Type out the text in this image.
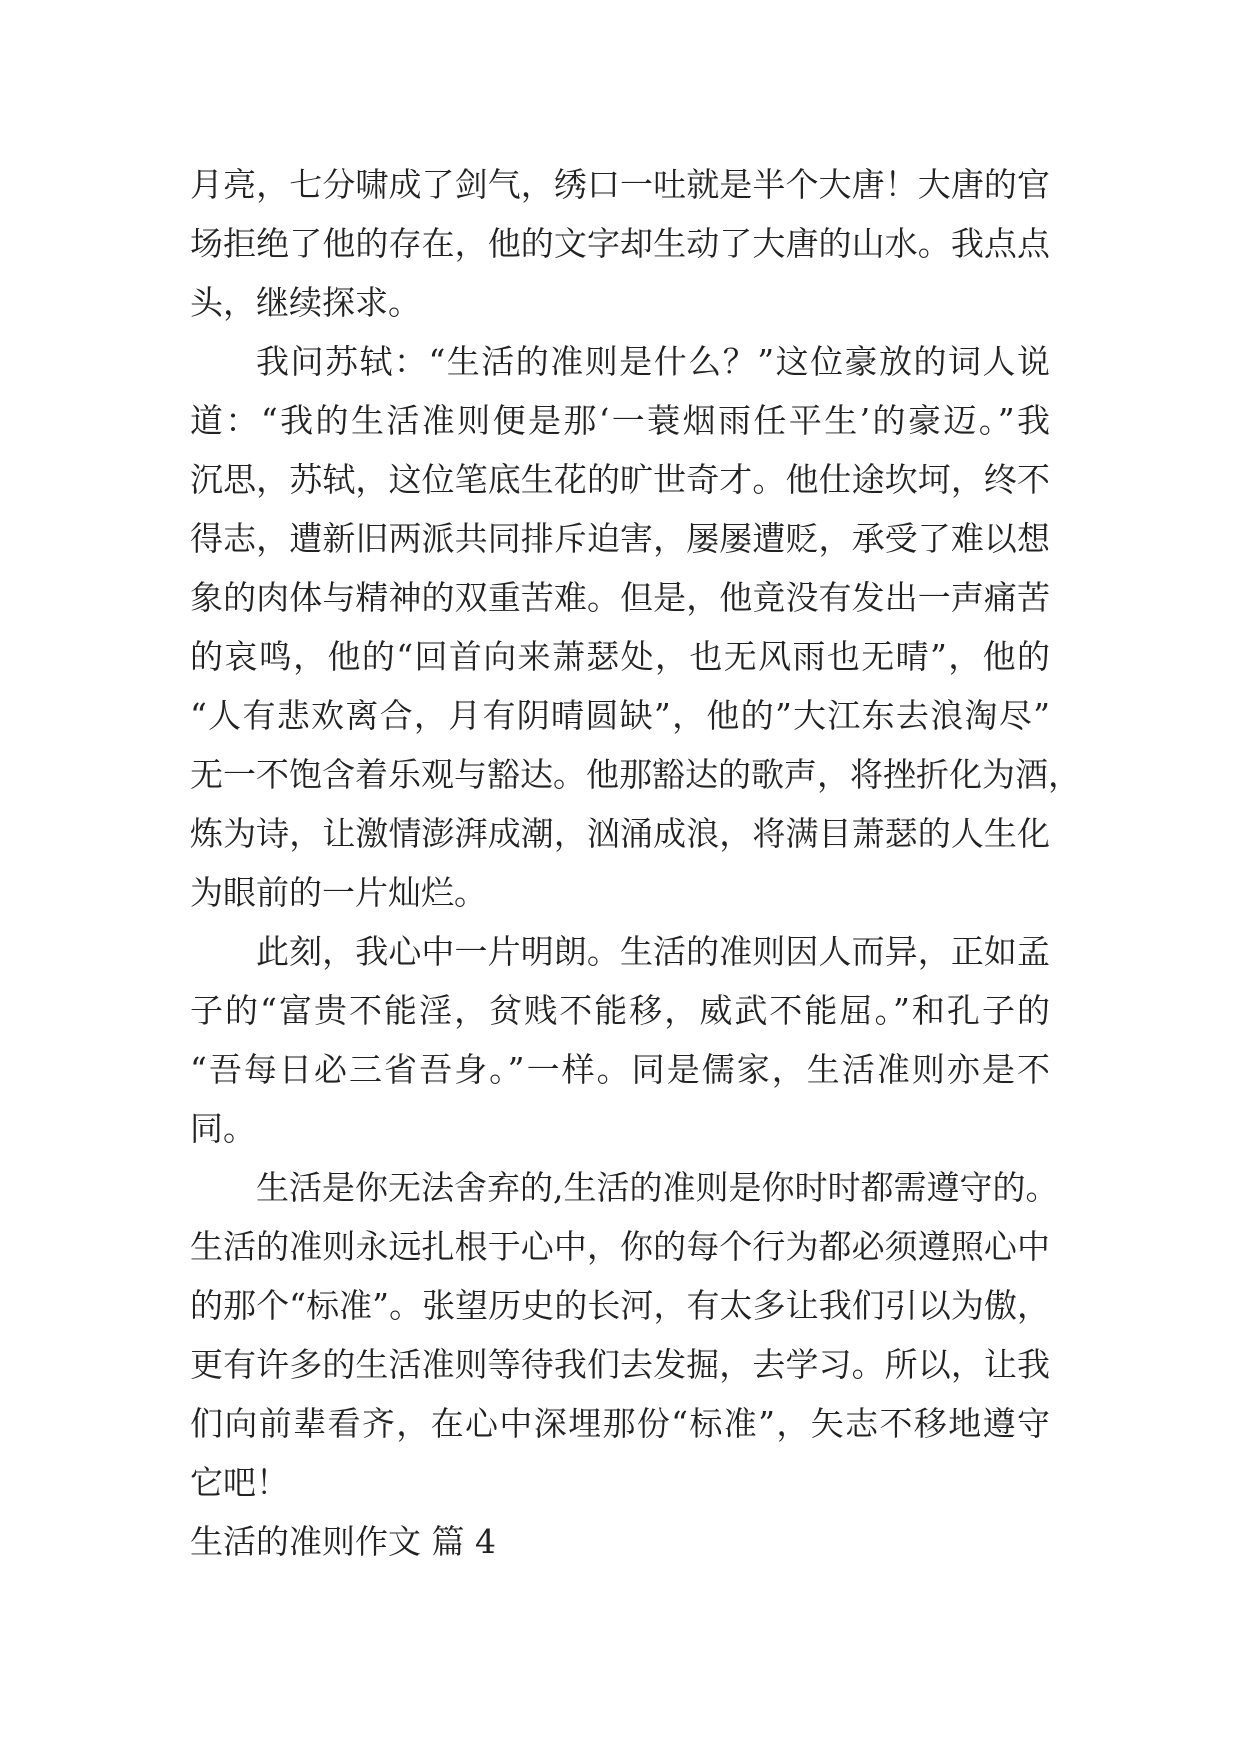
月亮，七分啸成了剑气，绣口一吐就是半个大唐！大唐的官
场拒绝了他的存在，他的文字却生动了大唐的山水。我点点
头，继续探求。
我问苏轼：“生活的准则是什么？”这位豪放的词人说
道：“我的生活准则便是那‘一蓑烟雨任平生’的豪迈。”我
沉思，苏轼，这位笔底生花的旷世奇才。他仕途坎坷，终不
得志，遭新旧两派共同排斥迫害，屡屡遭贬，承受了难以想
象的肉体与精神的双重苦难。但是，他竟没有发出一声痛苦
的哀鸣，他的“回首向来萧瑟处，也无风雨也无晴”，他的
“人有悲欢离合，月有阴晴圆缺”，他的”大江东去浪淘尽”
无一不饱含着乐观与豁达。他那豁达的歌声，将挫折化为酒，
炼为诗，让激情澎湃成潮，汹涌成浪，将满目萧瑟的人生化
为眼前的一片灿烂。
此刻，我心中一片明朗。生活的准则因人而异，正如孟
子的“富贵不能淫，贫贱不能移，威武不能屈。”和孔子的
“吾每日必三省吾身。”一样。同是儒家，生活准则亦是不
同。
生活是你无法舍弃的,生活的准则是你时时都需遵守的。
生活的准则永远扎根于心中，你的每个行为都必须遵照心中
的那个“标准”。张望历史的长河，有太多让我们引以为傲，
更有许多的生活准则等待我们去发掘，去学习。所以，让我
们向前辈看齐，在心中深埋那份“标准”，矢志不移地遵守
它吧！
生活的准则作文 篇 4
